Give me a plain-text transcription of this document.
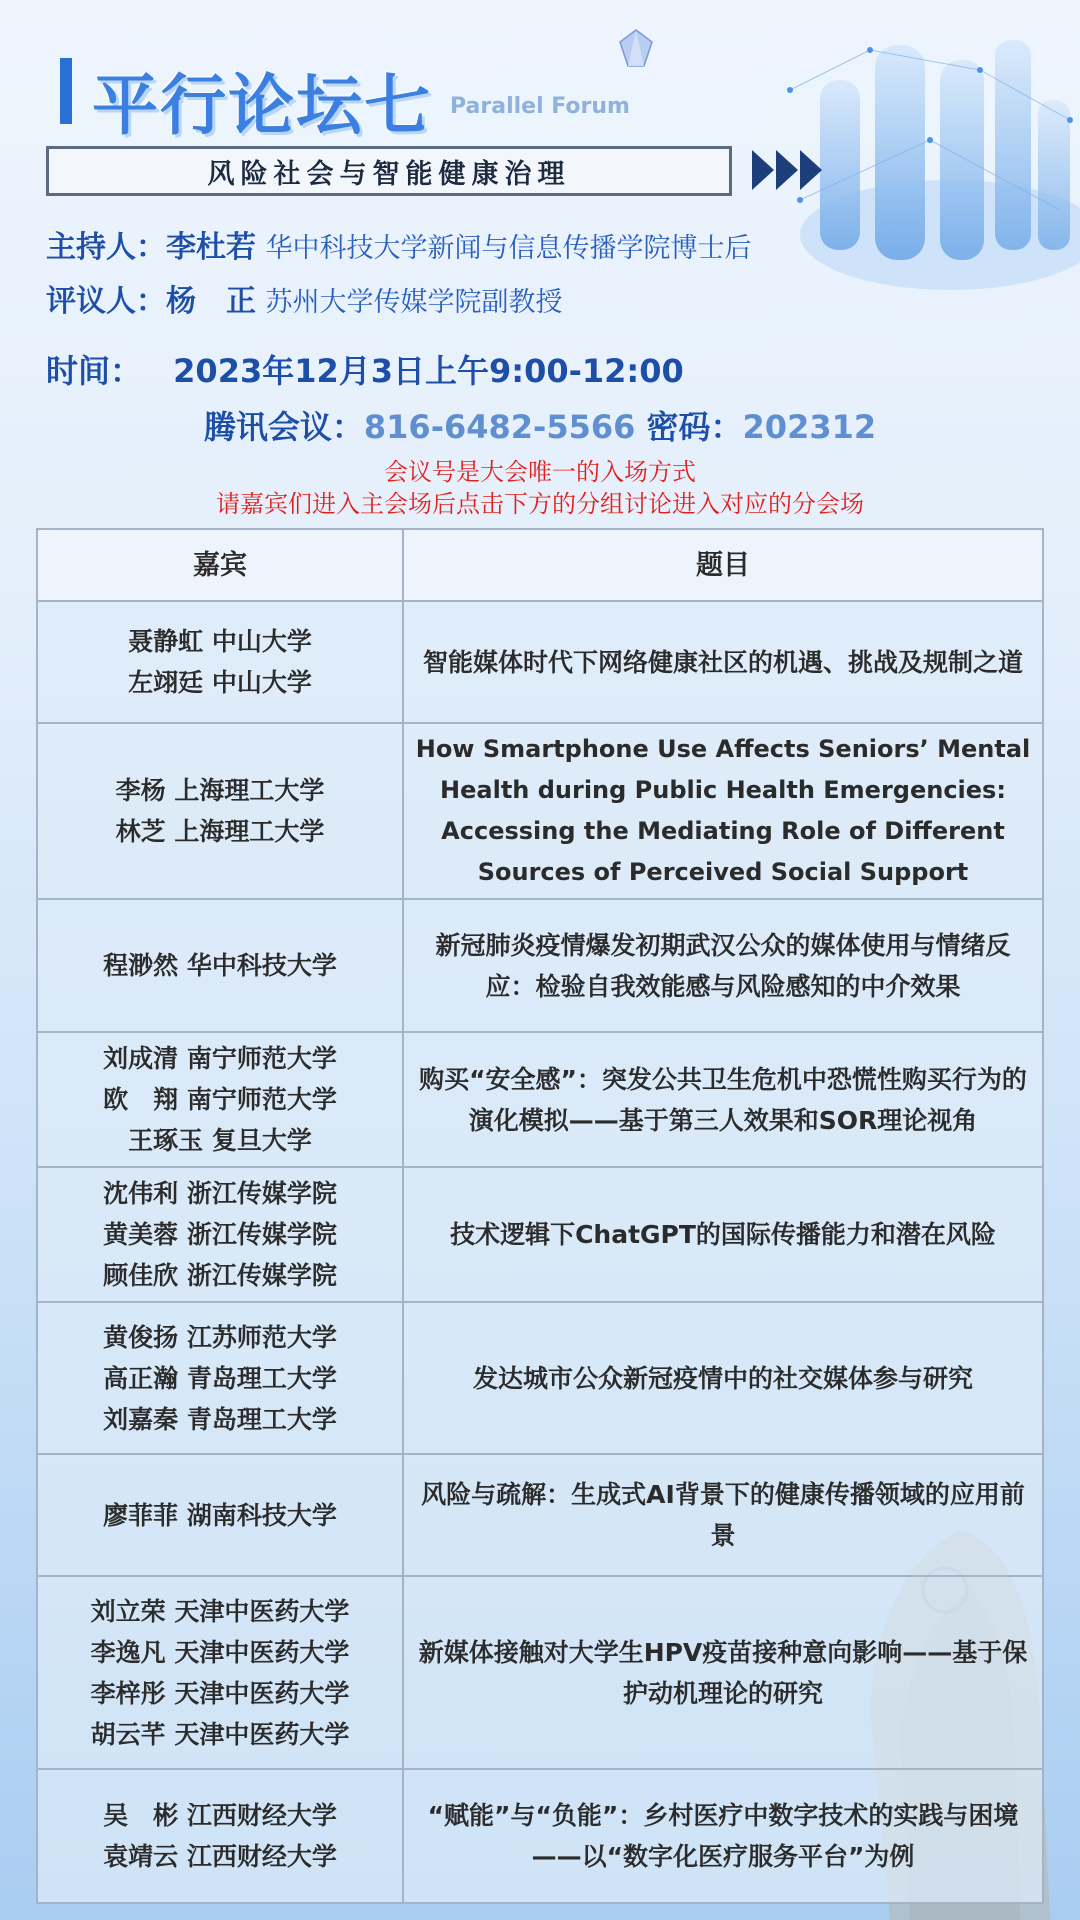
平行论坛七 Parallel Forum
风险社会与智能健康治理
主持人：李杜若 华中科技大学新闻与信息传播学院博士后
评议人：杨　正 苏州大学传媒学院副教授
时间： 2023年12月3日上午9:00-12:00
腾讯会议：816-6482-5566 密码：202312
会议号是大会唯一的入场方式
请嘉宾们进入主会场后点击下方的分组讨论进入对应的分会场
嘉宾	题目

聂静虹 中山大学
左翊廷 中山大学	智能媒体时代下网络健康社区的机遇、挑战及规制之道

李杨 上海理工大学
林芝 上海理工大学	How Smartphone Use Affects Seniors’ Mental Health during Public Health Emergencies: Accessing the Mediating Role of Different Sources of Perceived Social Support

程渺然 华中科技大学	新冠肺炎疫情爆发初期武汉公众的媒体使用与情绪反应：检验自我效能感与风险感知的中介效果

刘成清 南宁师范大学
欧　翔 南宁师范大学
王琢玉 复旦大学	购买“安全感”：突发公共卫生危机中恐慌性购买行为的演化模拟——基于第三人效果和SOR理论视角

沈伟利 浙江传媒学院
黄美蓉 浙江传媒学院
顾佳欣 浙江传媒学院	技术逻辑下ChatGPT的国际传播能力和潜在风险

黄俊扬 江苏师范大学
高正瀚 青岛理工大学
刘嘉秦 青岛理工大学	发达城市公众新冠疫情中的社交媒体参与研究

廖菲菲 湖南科技大学	风险与疏解：生成式AI背景下的健康传播领域的应用前景

刘立荣 天津中医药大学
李逸凡 天津中医药大学
李梓彤 天津中医药大学
胡云芊 天津中医药大学	新媒体接触对大学生HPV疫苗接种意向影响——基于保护动机理论的研究

吴　彬 江西财经大学
袁靖云 江西财经大学	“赋能”与“负能”：乡村医疗中数字技术的实践与困境——以“数字化医疗服务平台”为例
